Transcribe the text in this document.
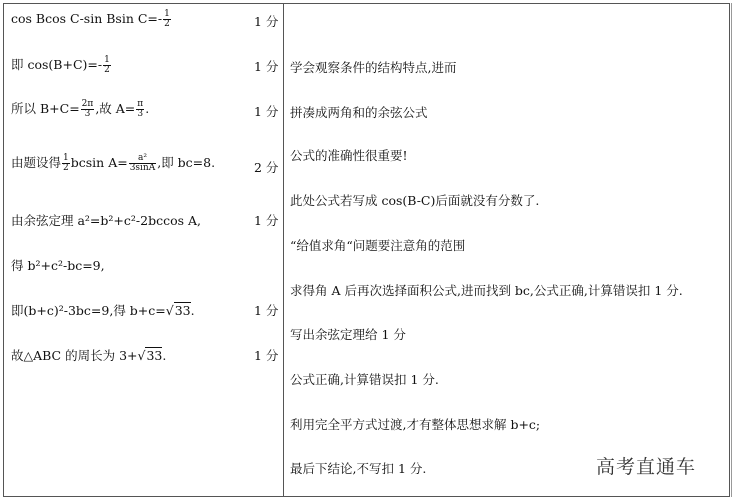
cos Bcos C-sin Bsin $C=- \frac{1}{2}$	1 分
即 $\cos(B+C)=- \frac{1}{2}$	1 分
所以 $B+C= \frac{2\pi}{3}$ ,故 $A= \frac{\pi}{3}$ .	1 分
由题设得 $\frac{1}{2}$ bcsin $A= \frac{\text{a²}}{3\sin A}$ ,即 bc=8.	2 分
由余弦定理 a²=b²+c²-2bccos A,	1 分
得 b²+c²-bc=9,
即(b+c)²-3bc=9,得 b+c=√33.	1 分
故△ABC 的周长为 3+√33.	1 分
学会观察条件的结构特点,进而
拼凑成两角和的余弦公式
公式的准确性很重要!
此处公式若写成 cos(B-C)后面就没有分数了.
“给值求角“问题要注意角的范围
求得角 A 后再次选择面积公式,进而找到 bc,公式正确,计算错误扣 1 分.
写出余弦定理给 1 分
公式正确,计算错误扣 1 分.
利用完全平方式过渡,才有整体思想求解 b+c;
最后下结论,不写扣 1 分.	高考直通车
